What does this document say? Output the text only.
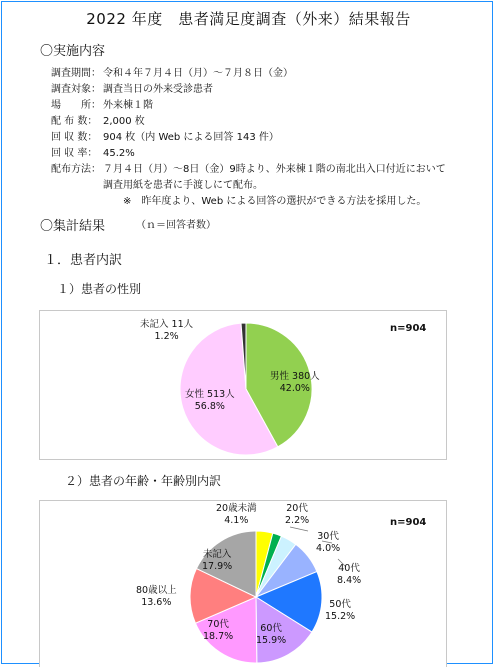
2022 年度　患者満足度調査（外来）結果報告
〇実施内容
調査期間： 令和４年７月４日（月）～７月８日（金）
調査対象： 調査当日の外来受診患者
場　　所： 外来棟１階
配 布 数： 2,000 枚
回 収 数： 904 枚（内 Web による回答 143 件）
回 収 率： 45.2%
配布方法： ７月４日（月）～8日（金）9時より、外来棟１階の南北出入口付近において
調査用紙を患者に手渡しにて配布。
※　昨年度より、Web による回答の選択ができる方法を採用した。
〇集計結果	（ｎ＝回答者数）
１．患者内訳
１）患者の性別
n=904
未記入 11人
1.2%
男性 380人
42.0%
女性 513人
56.8%
２）患者の年齢・年齢別内訳
n=904
20歳未満
4.1%
20代
2.2%
30代
4.0%
40代
8.4%
50代
15.2%
60代
15.9%
70代
18.7%
80歳以上
13.6%
未記入
17.9%
